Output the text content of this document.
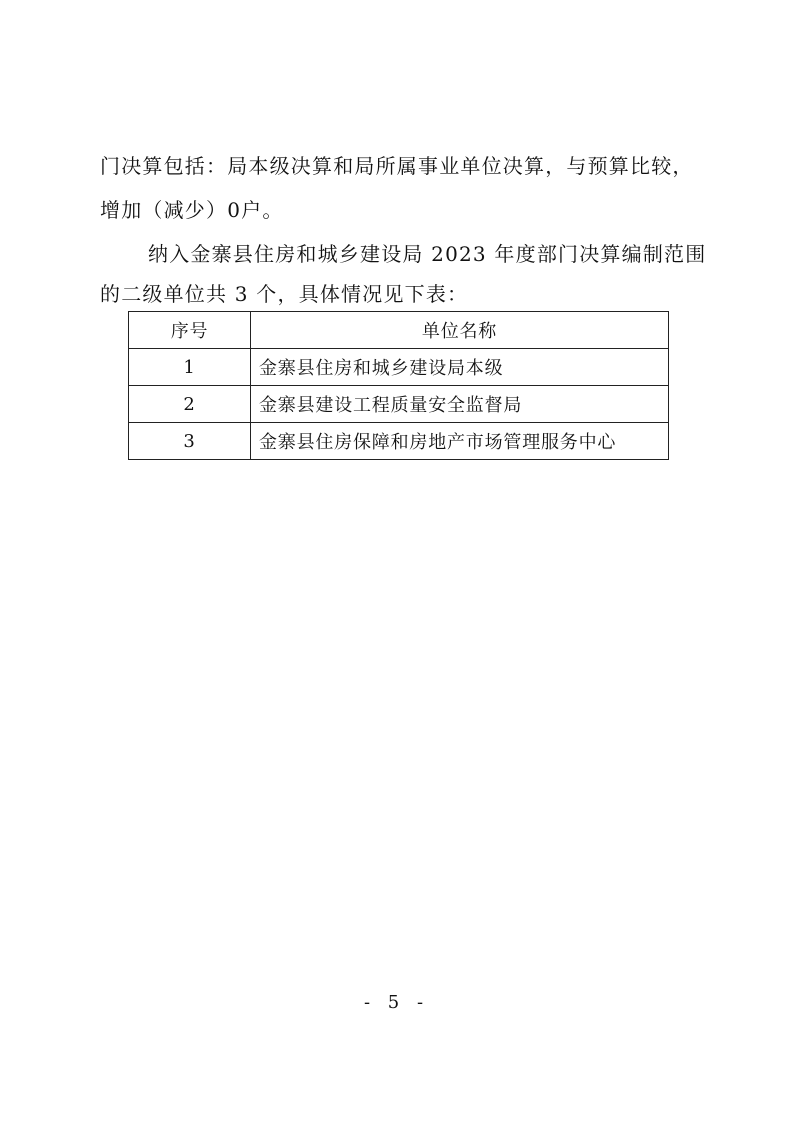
门决算包括：局本级决算和局所属事业单位决算，与预算比较，
增加（减少）0户。
纳入金寨县住房和城乡建设局 2023 年度部门决算编制范围
的二级单位共 3 个，具体情况见下表：
序号	单位名称
1	金寨县住房和城乡建设局本级
2	金寨县建设工程质量安全监督局
3	金寨县住房保障和房地产市场管理服务中心
- 5 -
